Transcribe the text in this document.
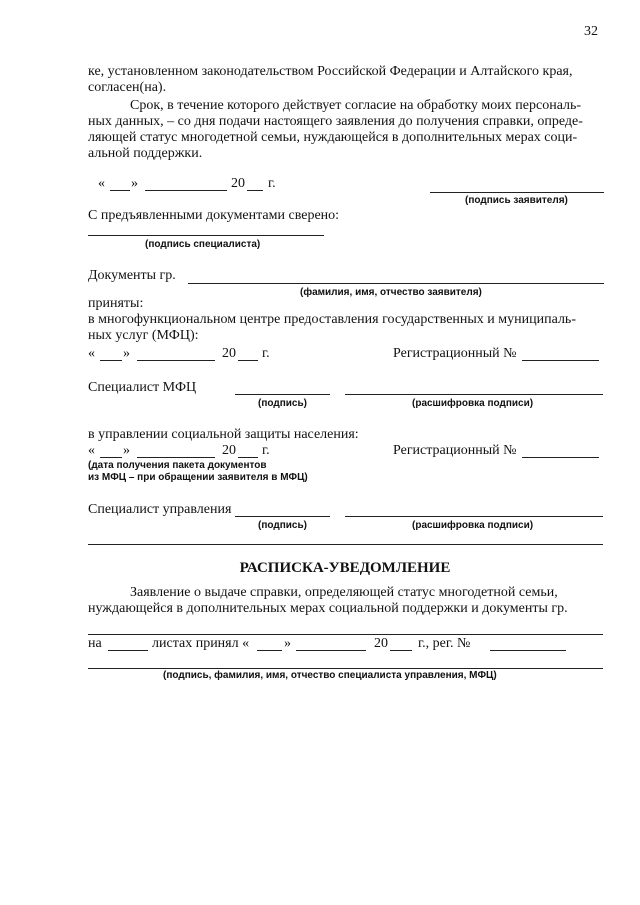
32
ке, установленном законодательством Российской Федерации и Алтайского края,
согласен(на).
Срок, в течение которого действует согласие на обработку моих персональ-
ных данных, – со дня подачи настоящего заявления до получения справки, опреде-
ляющей статус многодетной семьи, нуждающейся в дополнительных мерах соци-
альной поддержки.
« »	20 г.
(подпись заявителя)
С предъявленными документами сверено:
(подпись специалиста)
Документы гр.
(фамилия, имя, отчество заявителя)
приняты:
в многофункциональном центре предоставления государственных и муниципаль-
ных услуг (МФЦ):
« »	20 г.	Регистрационный №
Специалист МФЦ
(подпись)	(расшифровка подписи)
в управлении социальной защиты населения:
« »	20 г.	Регистрационный №
(дата получения пакета документов
из МФЦ – при обращении заявителя в МФЦ)
Специалист управления
(подпись)	(расшифровка подписи)
РАСПИСКА-УВЕДОМЛЕНИЕ
Заявление о выдаче справки, определяющей статус многодетной семьи,
нуждающейся в дополнительных мерах социальной поддержки и документы гр.
на	листах принял « »	20 г., рег. №
(подпись, фамилия, имя, отчество специалиста управления, МФЦ)
